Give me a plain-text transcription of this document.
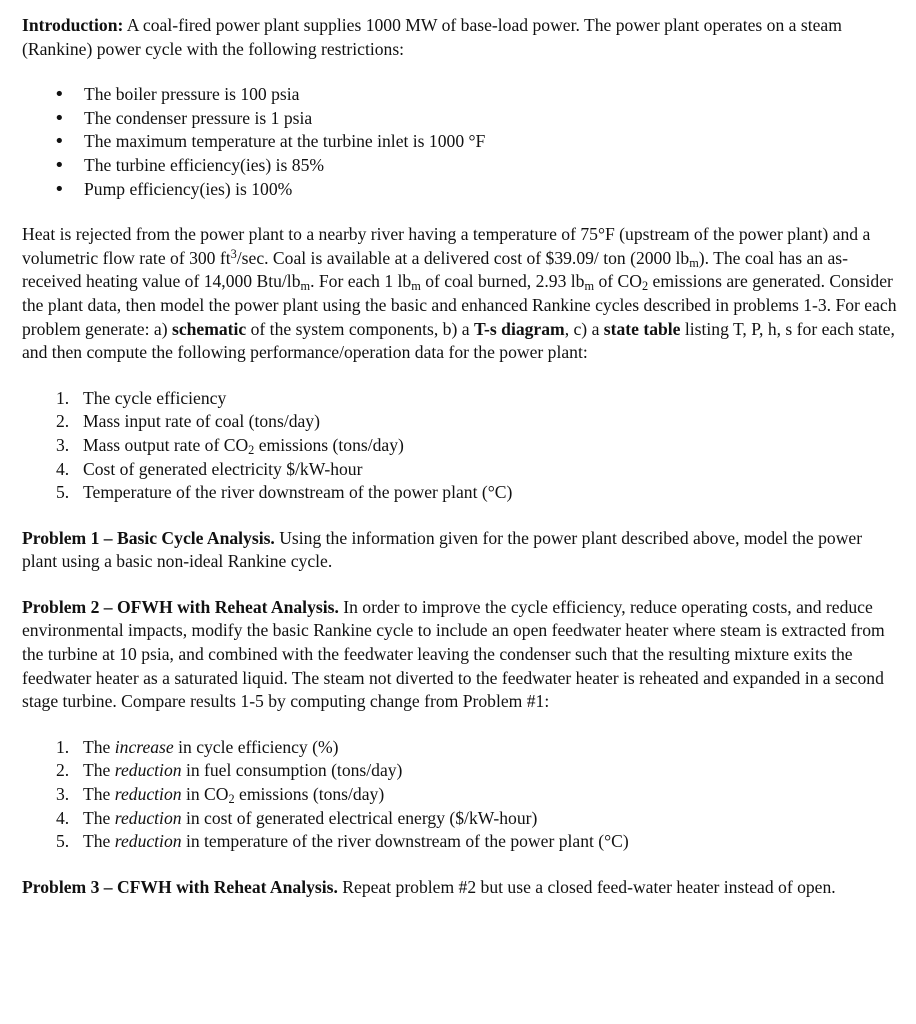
Introduction: A coal-fired power plant supplies 1000 MW of base-load power. The power plant operates on a steam (Rankine) power cycle with the following restrictions:

• The boiler pressure is 100 psia
• The condenser pressure is 1 psia
• The maximum temperature at the turbine inlet is 1000 °F
• The turbine efficiency(ies) is 85%
• Pump efficiency(ies) is 100%

Heat is rejected from the power plant to a nearby river having a temperature of 75°F (upstream of the power plant) and a volumetric flow rate of 300 $ft^3/\sec$. Coal is available at a delivered cost of $39.09/ ton (2000 $lb_m$). The coal has an as-received heating value of 14,000 Btu/$lb_m$. For each 1 $lb_m$ of coal burned, 2.93 $lb_m$ of $CO_2$ emissions are generated. Consider the plant data, then model the power plant using the basic and enhanced Rankine cycles described in problems 1-3. For each problem generate: a) schematic of the system components, b) a T-s diagram, c) a state table listing T, P, h, s for each state, and then compute the following performance/operation data for the power plant:

1. The cycle efficiency
2. Mass input rate of coal (tons/day)
3. Mass output rate of $CO_2$ emissions (tons/day)
4. Cost of generated electricity $/kW-hour
5. Temperature of the river downstream of the power plant (°C)

Problem 1 – Basic Cycle Analysis. Using the information given for the power plant described above, model the power plant using a basic non-ideal Rankine cycle.

Problem 2 – OFWH with Reheat Analysis. In order to improve the cycle efficiency, reduce operating costs, and reduce environmental impacts, modify the basic Rankine cycle to include an open feedwater heater where steam is extracted from the turbine at 10 psia, and combined with the feedwater leaving the condenser such that the resulting mixture exits the feedwater heater as a saturated liquid. The steam not diverted to the feedwater heater is reheated and expanded in a second stage turbine. Compare results 1-5 by computing change from Problem #1:

1. The increase in cycle efficiency (%)
2. The reduction in fuel consumption (tons/day)
3. The reduction in $CO_2$ emissions (tons/day)
4. The reduction in cost of generated electrical energy ($/kW-hour)
5. The reduction in temperature of the river downstream of the power plant (°C)

Problem 3 – CFWH with Reheat Analysis. Repeat problem #2 but use a closed feed-water heater instead of open.
